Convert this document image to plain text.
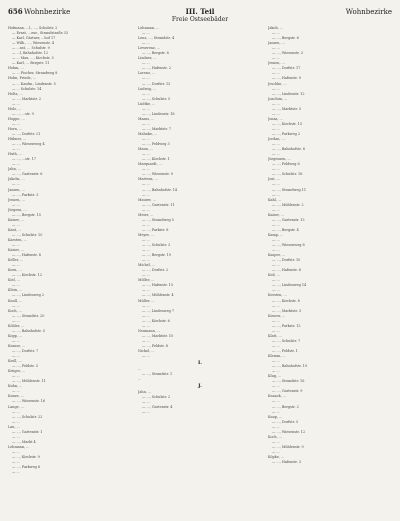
656 Wohnbezirke	III. Teil
Freie Ostseebäder
Wohnbezirke
Hofmann, ...l., ..., Schulstr. 2
— Ernst, ...eur., Strandstraße 33
— Karl, Gärtner, ...hof 17
— Wilh., ..., Wiesenstr. 4
— ...nst, ... Schulstr. 9
— ...l, Bahnhofstr. 12
— ... Max, ..., Kirchstr. 3
— Karl, ... Bergstr. 11
Hohm, ...
— ... Fischer, Strandweg 8
Holm, Friedr., ...
— ... Kaufm., Lindenstr. 5
— ... Schulstr. 14
Holtz, ...
— ..., Marktstr. 2
— ...
Holz, ...
— ..., ...str. 9
Hoppe, ...
— ...
Horn, ...
— ..., Dorfstr. 21
Hübner, ...
— ..., Wiesenweg 4
— ...
Huth, ...
— ..., ...str. 17
— ...
Jahn, ...
— ..., Gartenstr. 6
Jakobs, ...
— ...
Jansen, ...
— ..., Parkstr. 3
Jensen, ...
— ...
Jürgens, ...
— ..., Bergstr. 15
Kaiser, ...
— ...
Kant, ...
— ..., Schulstr. 10
Karsten, ...
— ...
Kaiser, ...
— ..., Hafenstr. 8
Keller, ...
— ...
Kern, ...
— ..., Kirchstr. 12
Kiel, ...
— ...
Klein, ...
— ..., Lindenweg 2
Knoll, ...
— ...
Koch, ...
— ..., Strandstr. 20
— ...
Köhler, ...
— ..., Bahnhofstr. 5
Kopp, ...
— ...
Krause, ...
— ..., Dorfstr. 7
— ...
Kroll, ...
— ..., Feldstr. 3
Krüger, ...
— ...
— ..., Mühlenstr. 11
Kuhn, ...
— ...
Kunze, ...
— ..., Wiesenstr. 16
Lange, ...
— ...
— ..., Schulstr. 22
— ...
Lau, ...
— ..., Gartenstr. 1
— ...
— ..., Markt 4
Lehmann, ...
— ...
— ..., Kirchstr. 9
— ...
— ..., Parkweg 6
— ...
Lehmann, ...
— ...
Lenz, ..., Strandstr. 4
— ...
Lewerenz, ...
— ..., Bergstr. 8
Lindner, ...
— ...
— ..., Hafenstr. 2
Lorenz, ...
— ...
— ..., Dorfstr. 13
Ludwig, ...
— ...
— ..., Schulstr. 5
Lüdtke, ...
— ...
— ..., Lindenstr. 18
Maass, ...
— ...
— ..., Marktstr. 7
Mahnke, ...
— ...
— ..., Feldweg 3
Mann, ...
— ...
— ..., Kirchstr. 1
Marquardt, ...
— ...
— ..., Wiesenstr. 9
Martens, ...
— ...
— ..., Bahnhofstr. 14
— ...
Maurer, ...
— ..., Gartenstr. 11
— ...
Meier, ...
— ..., Strandweg 5
— ...
— ..., Parkstr. 8
Meyer, ...
— ...
— ..., Schulstr. 3
— ...
— ..., Bergstr. 19
— ...
Michel, ...
— ..., Dorfstr. 2
— ...
Möller, ...
— ..., Hafenstr. 15
— ...
— ..., Mühlenstr. 4
Müller, ...
— ...
— ..., Lindenweg 7
— ...
— ..., Kirchstr. 6
— ...
Neumann, ...
— ..., Marktstr. 10
— ...
— ..., Feldstr. 8
Nickel, ...
— ...
I.
...
— ..., Strandstr. 1
...
J.
Jahn, ...
— ..., Schulstr. 2
— ...
— ..., Gartenstr. 4
— ...
Jakob, ...
— ...
— ..., Bergstr. 6
Jansen, ...
— ...
— ..., Wiesenstr. 3
— ...
Jensen, ...
— ..., Dorfstr. 17
— ...
— ..., Hafenstr. 9
Jeschke, ...
— ...
— ..., Lindenstr. 12
Joachim, ...
— ...
— ..., Marktstr. 5
— ...
Jonas, ...
— ..., Kirchstr. 15
— ...
— ..., Parkweg 2
Jordan, ...
— ...
— ..., Bahnhofstr. 8
— ...
Jürgensen, ...
— ..., Feldweg 6
— ...
— ..., Schulstr. 16
Just, ...
— ...
— ..., Strandweg 11
— ...
Kahl, ...
— ..., Mühlenstr. 2
— ...
Kaiser, ...
— ..., Gartenstr. 13
— ...
— ..., Bergstr. 4
Kamp, ...
— ...
— ..., Wiesenweg 8
— ...
Kasper, ...
— ..., Dorfstr. 10
— ...
— ..., Hafenstr. 6
Keil, ...
— ...
— ..., Lindenweg 14
— ...
Kersten, ...
— ..., Kirchstr. 8
— ...
— ..., Marktstr. 3
Kiesow, ...
— ...
— ..., Parkstr. 12
— ...
Klatt, ...
— ..., Schulstr. 7
— ...
— ..., Feldstr. 1
Klemm, ...
— ...
— ..., Bahnhofstr. 19
— ...
Klug, ...
— ..., Strandstr. 16
— ...
— ..., Gartenstr. 9
Knaack, ...
— ...
— ..., Bergstr. 2
— ...
Knop, ...
— ..., Dorfstr. 5
— ...
— ..., Wiesenstr. 12
Koch, ...
— ...
— ..., Mühlenstr. 9
— ...
Köpke, ...
— ..., Hafenstr. 3
